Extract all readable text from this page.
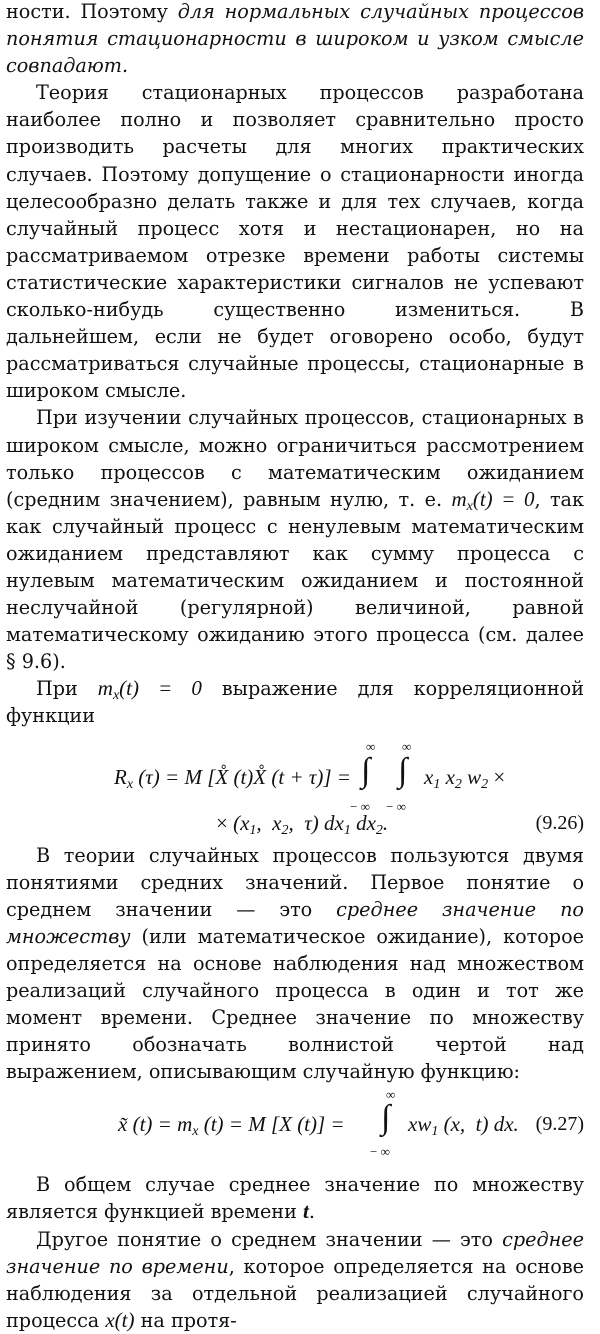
ности. Поэтому для нормальных случайных процессов понятия стационарности в широком и узком смысле совпадают.

Теория стационарных процессов разработана наиболее полно и позволяет сравнительно просто производить расчеты для многих практических случаев. Поэтому допущение о стационарности иногда целесообразно делать также и для тех случаев, когда случайный процесс хотя и нестационарен, но на рассматриваемом отрезке времени работы системы статистические характеристики сигналов не успевают сколько-нибудь существенно измениться. В дальнейшем, если не будет оговорено особо, будут рассматриваться случайные процессы, стационарные в широком смысле.

При изучении случайных процессов, стационарных в широком смысле, можно ограничиться рассмотрением только процессов с математическим ожиданием (средним значением), равным нулю, т. е. $m_x(t) = 0$, так как случайный процесс с ненулевым математическим ожиданием представляют как сумму процесса с нулевым математическим ожиданием и постоянной неслучайной (регулярной) величиной, равной математическому ожиданию этого процесса (см. далее § 9.6).

При $m_x(t) = 0$ выражение для корреляционной функции

$R_x$ (τ) = M [X̊ (t)X̊ (t + τ)] = ∫
∞
− ∞
∫
∞
− ∞
$x_1$ $x_2$ $w_2$ ×
× ($x_1$,  $x_2$,  τ) $dx_1$ $dx_2$.	(9.26)

В теории случайных процессов пользуются двумя понятиями средних значений. Первое понятие о среднем значении — это среднее значение по множеству (или математическое ожидание), которое определяется на основе наблюдения над множеством реализаций случайного процесса в один и тот же момент времени. Среднее значение по множеству принято обозначать волнистой чертой над выражением, описывающим случайную функцию:

x̃ $(t) = m_x$ (t) = M [X (t)] = ∫
∞
− ∞
$xw_1$ (x,  t) dx. (9.27)

В общем случае среднее значение по множеству является функцией времени t.

Другое понятие о среднем значении — это среднее значение по времени, которое определяется на основе наблюдения за отдельной реализацией случайного процесса x(t) на протя-
